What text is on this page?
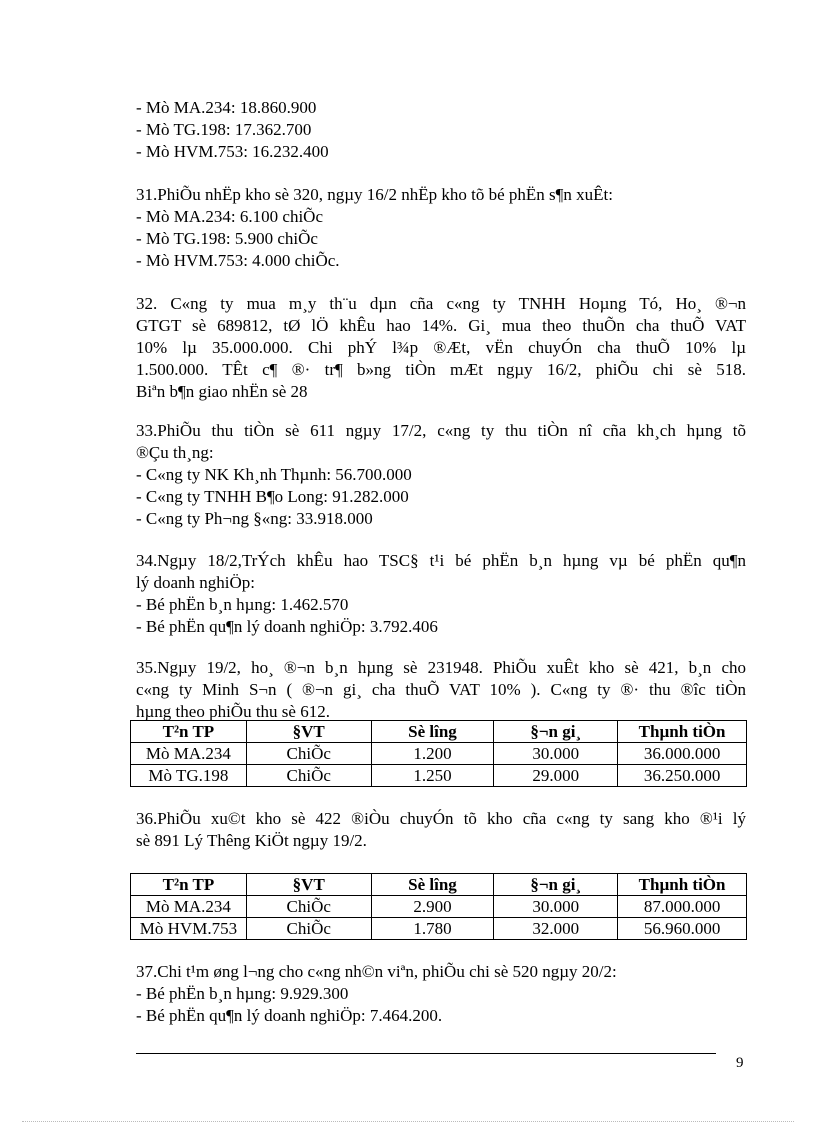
- Mò MA.234: 18.860.900
- Mò TG.198: 17.362.700
- Mò HVM.753: 16.232.400
31.PhiÕu nhËp kho sè 320, ngµy 16/2 nhËp kho tõ bé phËn s¶n xuÊt:
- Mò MA.234: 6.100 chiÕc
- Mò TG.198: 5.900 chiÕc
- Mò HVM.753: 4.000 chiÕc.
32. C«ng ty mua m¸y th¨u dµn cña c«ng ty TNHH Hoµng Tó, Ho¸ ®¬n
GTGT sè 689812, tØ lÖ khÊu hao 14%. Gi¸ mua theo thuÕn cha thuÕ VAT
10% lµ 35.000.000. Chi phÝ l¾p ®Æt, vËn chuyÓn cha thuÕ 10% lµ
1.500.000. TÊt c¶ ®· tr¶ b»ng tiÒn mÆt ngµy 16/2, phiÕu chi sè 518.
Biªn b¶n giao nhËn sè 28
33.PhiÕu thu tiÒn sè 611 ngµy 17/2, c«ng ty thu tiÒn nî cña kh¸ch hµng tõ
®Çu th¸ng:
- C«ng ty NK Kh¸nh Thµnh: 56.700.000
- C«ng ty TNHH B¶o Long: 91.282.000
- C«ng ty Ph¬ng §«ng: 33.918.000
34.Ngµy 18/2,TrÝch khÊu hao TSC§ t¹i bé phËn b¸n hµng vµ bé phËn qu¶n
lý doanh nghiÖp:
- Bé phËn b¸n hµng: 1.462.570
- Bé phËn qu¶n lý doanh nghiÖp: 3.792.406
35.Ngµy 19/2, ho¸ ®¬n b¸n hµng sè 231948. PhiÕu xuÊt kho sè 421, b¸n cho
c«ng ty Minh S¬n ( ®¬n gi¸ cha thuÕ VAT 10% ). C«ng ty ®· thu ®îc tiÒn
hµng theo phiÕu thu sè 612.
T²n TP	§VT	Sè lîng	§¬n gi¸	Thµnh tiÒn
Mò MA.234	ChiÕc	1.200	30.000	36.000.000
Mò TG.198	ChiÕc	1.250	29.000	36.250.000
36.PhiÕu xu©t kho sè 422 ®iÒu chuyÓn tõ kho cña c«ng ty sang kho ®¹i lý
sè 891 Lý Thêng KiÖt ngµy 19/2.
T²n TP	§VT	Sè lîng	§¬n gi¸	Thµnh tiÒn
Mò MA.234	ChiÕc	2.900	30.000	87.000.000
Mò HVM.753	ChiÕc	1.780	32.000	56.960.000
37.Chi t¹m øng l¬ng cho c«ng nh©n viªn, phiÕu chi sè 520 ngµy 20/2:
- Bé phËn b¸n hµng: 9.929.300
- Bé phËn qu¶n lý doanh nghiÖp: 7.464.200.
9
